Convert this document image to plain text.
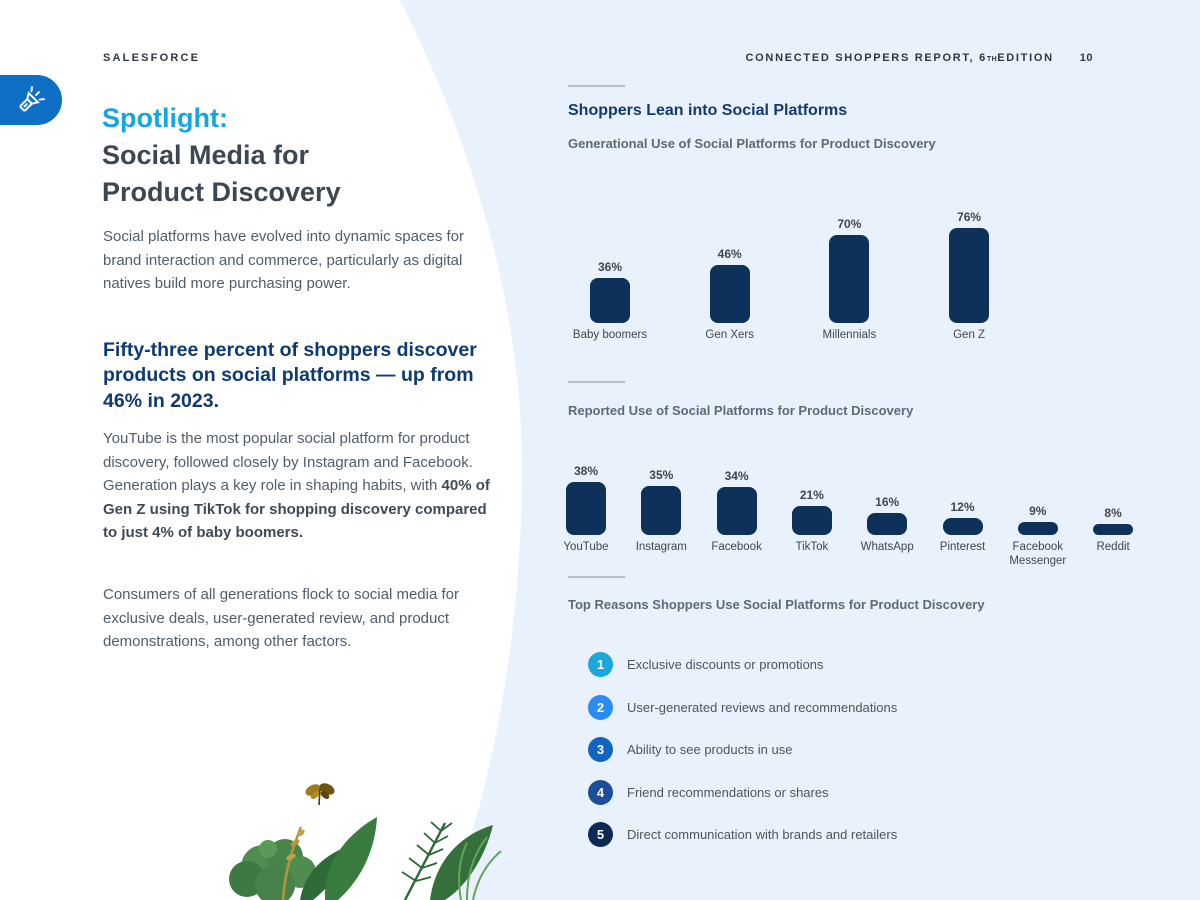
SALESFORCE	CONNECTED SHOPPERS REPORT, 6 TH EDITION 10
Spotlight:
Social Media for
Product Discovery

Social platforms have evolved into dynamic spaces for brand interaction and commerce, particularly as digital natives build more purchasing power.

Fifty-three percent of shoppers discover products on social platforms — up from 46% in 2023.

YouTube is the most popular social platform for product discovery, followed closely by Instagram and Facebook. Generation plays a key role in shaping habits, with 40% of Gen Z using TikTok for shopping discovery compared to just 4% of baby boomers.

Consumers of all generations flock to social media for exclusive deals, user-generated review, and product demonstrations, among other factors.

Shoppers Lean into Social Platforms
Generational Use of Social Platforms for Product Discovery
Reported Use of Social Platforms for Product Discovery
Top Reasons Shoppers Use Social Platforms for Product Discovery
36%
Baby boomers
46%
Gen Xers
70%
Millennials
76%
Gen Z
38%
YouTube
35%
Instagram
34%
Facebook
21%
TikTok
16%
WhatsApp
12%
Pinterest
9%
Facebook Messenger
8%
Reddit
1	Exclusive discounts or promotions
2	User-generated reviews and recommendations
3	Ability to see products in use
4	Friend recommendations or shares
5	Direct communication with brands and retailers
